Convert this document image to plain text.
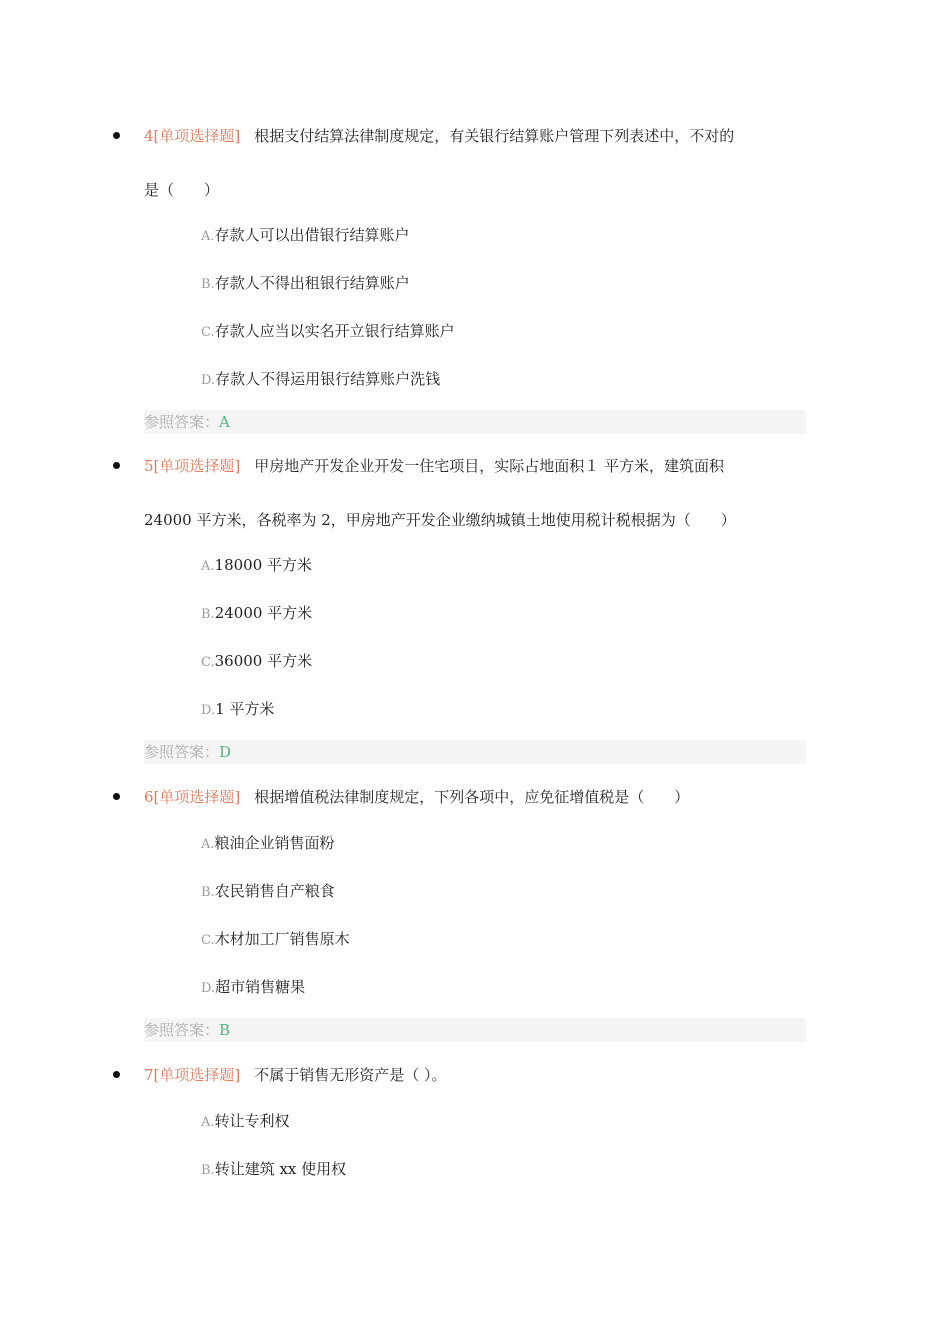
4[单项选择题] 根据支付结算法律制度规定，有关银行结算账户管理下列表述中，不对的
是（　　）
A.存款人可以出借银行结算账户
B.存款人不得出租银行结算账户
C.存款人应当以实名开立银行结算账户
D.存款人不得运用银行结算账户洗钱
参照答案：A
5[单项选择题] 甲房地产开发企业开发一住宅项目，实际占地面积１ 平方米，建筑面积
24000 平方米，各税率为 2，甲房地产开发企业缴纳城镇土地使用税计税根据为（　　）
A.18000 平方米
B.24000 平方米
C.36000 平方米
D.1 平方米
参照答案：D
6[单项选择题] 根据增值税法律制度规定，下列各项中，应免征增值税是（　　）
A.粮油企业销售面粉
B.农民销售自产粮食
C.木材加工厂销售原木
D.超市销售糖果
参照答案：B
7[单项选择题] 不属于销售无形资产是（ ）。
A.转让专利权
B.转让建筑 xx 使用权
